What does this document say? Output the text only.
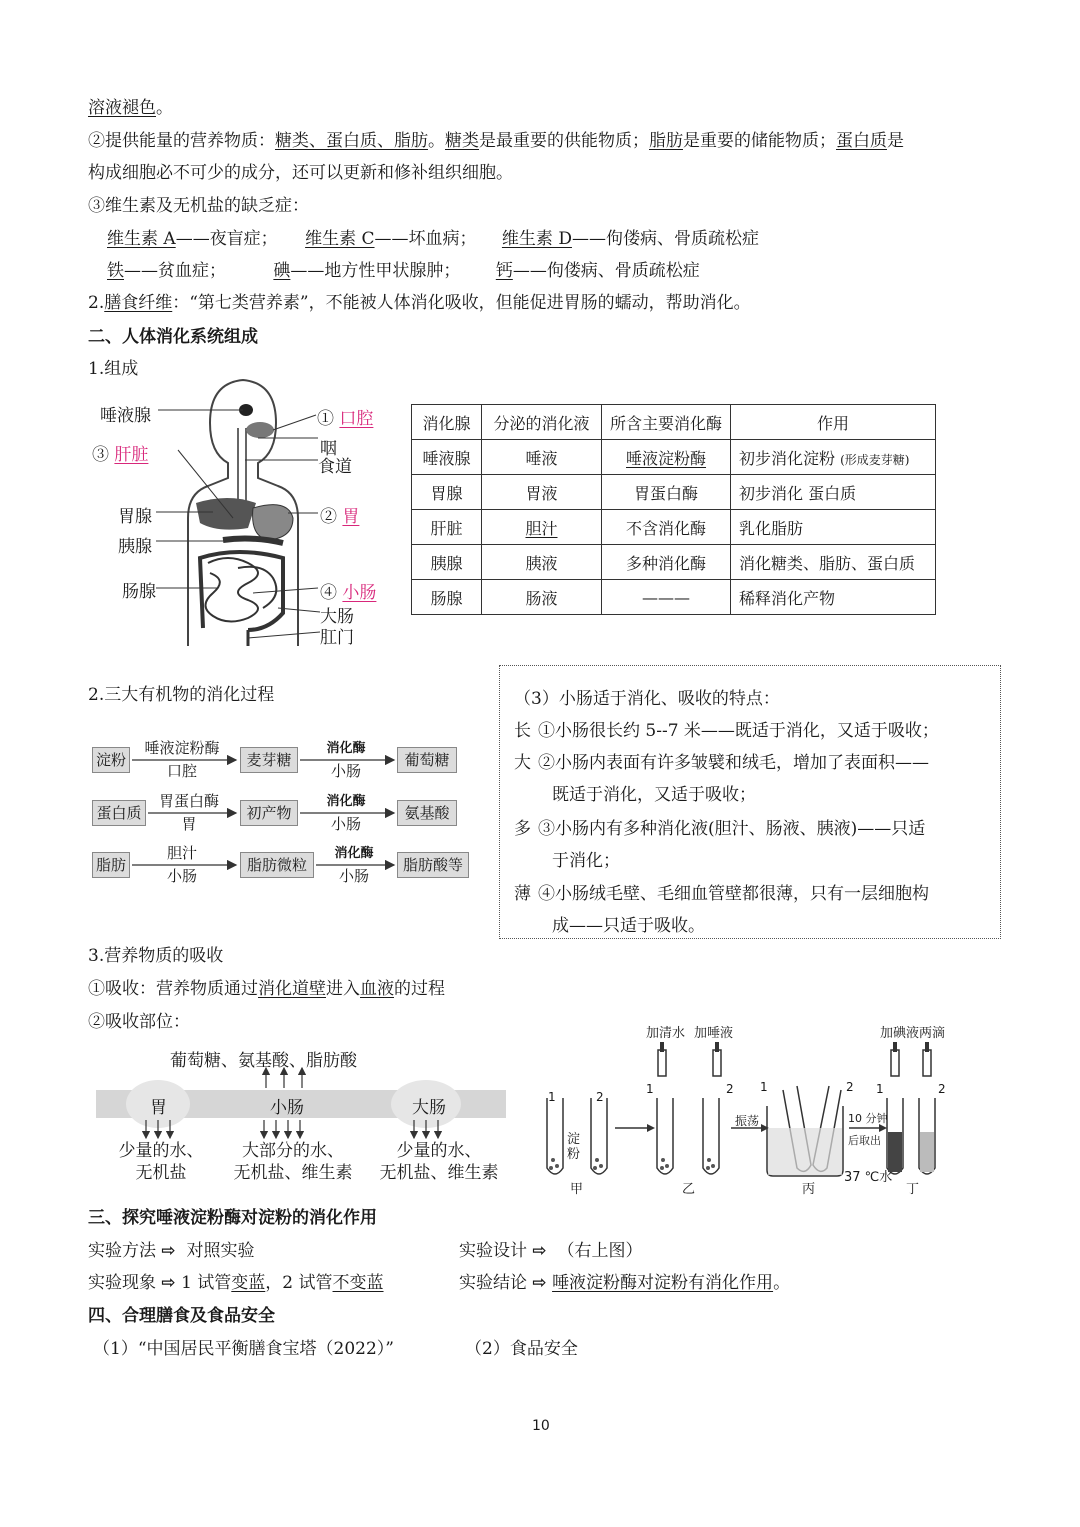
溶液褪色。
②提供能量的营养物质：糖类、蛋白质、脂肪。糖类是最重要的供能物质；脂肪是重要的储能物质；蛋白质是
构成细胞必不可少的成分，还可以更新和修补组织细胞。
③维生素及无机盐的缺乏症：
维生素 A——夜盲症； 维生素 C——坏血病； 维生素 D——佝偻病、骨质疏松症
铁——贫血症；	碘——地方性甲状腺肿； 钙——佝偻病、骨质疏松症
2.膳食纤维：“第七类营养素”，不能被人体消化吸收，但能促进胃肠的蠕动，帮助消化。
二、人体消化系统组成
1.组成
唾液腺
③ 肝脏
胃腺
胰腺
肠腺
① 口腔
咽
食道
② 胃
④ 小肠
大肠
肛门
消化腺	分泌的消化液	所含主要消化酶	作用
唾液腺	唾液	唾液淀粉酶	初步消化淀粉 (形成麦芽糖)
胃腺	胃液	胃蛋白酶	初步消化 蛋白质
肝脏	胆汁	不含消化酶	乳化脂肪
胰腺	胰液	多种消化酶	消化糖类、脂肪、蛋白质
肠腺	肠液	———	稀释消化产物
2.三大有机物的消化过程
淀粉
唾液淀粉酶
口腔
麦芽糖
消化酶
小肠
葡萄糖
蛋白质
胃蛋白酶
胃
初产物
消化酶
小肠
氨基酸
脂肪
胆汁
小肠
脂肪微粒
消化酶
小肠
脂肪酸等
（3）小肠适于消化、吸收的特点：
长 ①小肠很长约 5--7 米——既适于消化，又适于吸收；
大 ②小肠内表面有许多皱襞和绒毛，增加了表面积——
既适于消化，又适于吸收；
多 ③小肠内有多种消化液(胆汁、肠液、胰液)——只适
于消化；
薄 ④小肠绒毛壁、毛细血管壁都很薄，只有一层细胞构
成——只适于吸收。
3.营养物质的吸收
①吸收：营养物质通过消化道壁进入血液的过程
②吸收部位：
葡萄糖、氨基酸、脂肪酸
胃	小肠	大肠
少量的水、
无机盐
大部分的水、
无机盐、维生素
少量的水、
无机盐、维生素
加清水 加唾液	加碘液两滴
振荡	10 分钟
后取出
淀粉
37 ℃水
甲	乙	丙	丁
1	2
1	2 1	2 1	2
三、探究唾液淀粉酶对淀粉的消化作用
实验方法 ⇨ 对照实验	实验设计 ⇨ （右上图）
实验现象 ⇨ 1 试管变蓝，2 试管不变蓝	实验结论 ⇨ 唾液淀粉酶对淀粉有消化作用。
四、合理膳食及食品安全
（1）“中国居民平衡膳食宝塔（2022）”	（2）食品安全
10
